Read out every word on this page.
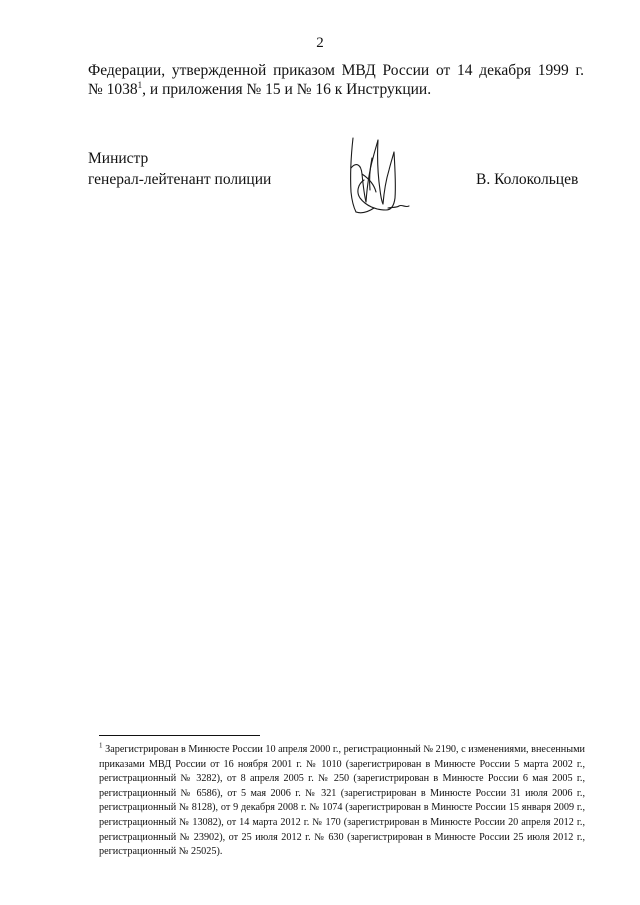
2

Федерации, утвержденной приказом МВД России от 14 декабря 1999 г.

№ 1038$^1$, и приложения № 15 и № 16 к Инструкции.

Министр
генерал-лейтенант полиции	В. Колокольцев

$^1$ Зарегистрирован в Минюсте России 10 апреля 2000 г., регистрационный № 2190, с изменениями, внесенными приказами МВД России от 16 ноября 2001 г. № 1010 (зарегистрирован в Минюсте России 5 марта 2002 г., регистрационный № 3282), от 8 апреля 2005 г. № 250 (зарегистрирован в Минюсте России 6 мая 2005 г., регистрационный № 6586), от 5 мая 2006 г. № 321 (зарегистрирован в Минюсте России 31 июля 2006 г., регистрационный № 8128), от 9 декабря 2008 г. № 1074 (зарегистрирован в Минюсте России 15 января 2009 г., регистрационный № 13082), от 14 марта 2012 г. № 170 (зарегистрирован в Минюсте России 20 апреля 2012 г., регистрационный № 23902), от 25 июля 2012 г. № 630 (зарегистрирован в Минюсте России 25 июля 2012 г., регистрационный № 25025).
